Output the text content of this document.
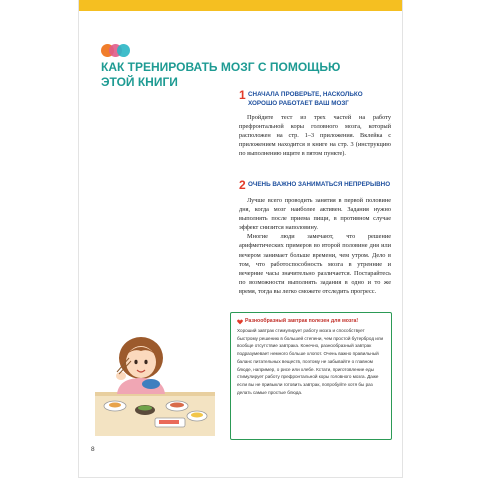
КАК ТРЕНИРОВАТЬ МОЗГ С ПОМОЩЬЮ ЭТОЙ КНИГИ
1 СНАЧАЛА ПРОВЕРЬТЕ, НАСКОЛЬКО ХОРОШО РАБОТАЕТ ВАШ МОЗГ

Пройдите тест из трех частей на работу префронтальной коры головного мозга, который расположен на стр. 1–3 приложения. Вклейка с приложением находится в книге на стр. 3 (инструкцию по выполнению ищите в пятом пункте).

2 ОЧЕНЬ ВАЖНО ЗАНИМАТЬСЯ НЕПРЕРЫВНО

Лучше всего проводить занятия в первой половине дня, когда мозг наиболее активен. Задания нужно выполнять после приема пищи, в противном случае эффект снизится наполовину.

Многие люди замечают, что решение арифметических примеров во второй половине дня или вечером занимает больше времени, чем утром. Дело в том, что работоспособность мозга в утренние и вечерние часы значительно различается. Постарайтесь по возможности выполнять задания в одно и то же время, тогда вы легко сможете отследить прогресс.

Разнообразный завтрак полезен для мозга!

Хороший завтрак стимулирует работу мозга и способствует быстрому решению в большей степени, чем простой бутерброд или вообще отсутствие завтрака. Конечно, разнообразный завтрак подразумевает немного больше хлопот. Очень важно правильный баланс питательных веществ, поэтому не забывайте о главном блюде, например, о рисе или хлебе. Кстати, приготовление еды стимулирует работу префронтальной коры головного мозга. Даже если вы не привыкли готовить завтрак, попробуйте хотя бы раз делать самые простые блюда.

8
